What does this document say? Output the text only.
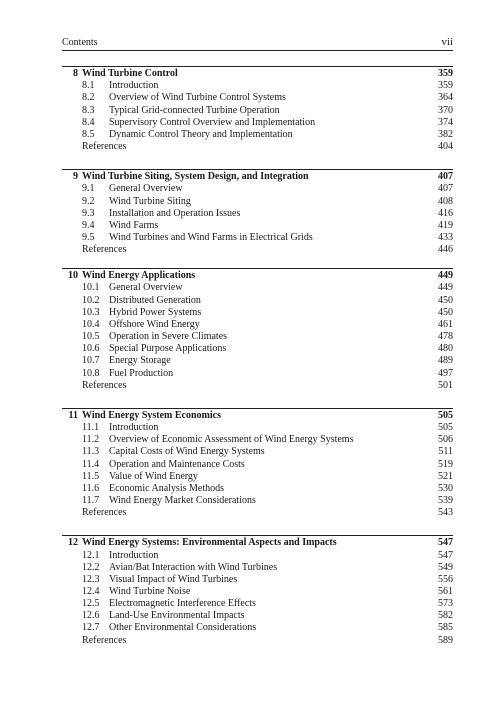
Contents	vii
8 Wind Turbine Control	359
8.1	Introduction	359
8.2	Overview of Wind Turbine Control Systems	364
8.3	Typical Grid-connected Turbine Operation	370
8.4	Supervisory Control Overview and Implementation	374
8.5	Dynamic Control Theory and Implementation	382
References	404
9 Wind Turbine Siting, System Design, and Integration	407
9.1	General Overview	407
9.2	Wind Turbine Siting	408
9.3	Installation and Operation Issues	416
9.4	Wind Farms	419
9.5	Wind Turbines and Wind Farms in Electrical Grids	433
References	446
10 Wind Energy Applications	449
10.1 General Overview	449
10.2 Distributed Generation	450
10.3 Hybrid Power Systems	450
10.4 Offshore Wind Energy	461
10.5 Operation in Severe Climates	478
10.6 Special Purpose Applications	480
10.7 Energy Storage	489
10.8 Fuel Production	497
References	501
11 Wind Energy System Economics	505
11.1 Introduction	505
11.2 Overview of Economic Assessment of Wind Energy Systems	506
11.3 Capital Costs of Wind Energy Systems	511
11.4 Operation and Maintenance Costs	519
11.5 Value of Wind Energy	521
11.6 Economic Analysis Methods	530
11.7 Wind Energy Market Considerations	539
References	543
12 Wind Energy Systems: Environmental Aspects and Impacts	547
12.1 Introduction	547
12.2 Avian/Bat Interaction with Wind Turbines	549
12.3 Visual Impact of Wind Turbines	556
12.4 Wind Turbine Noise	561
12.5 Electromagnetic Interference Effects	573
12.6 Land-Use Environmental Impacts	582
12.7 Other Environmental Considerations	585
References	589
